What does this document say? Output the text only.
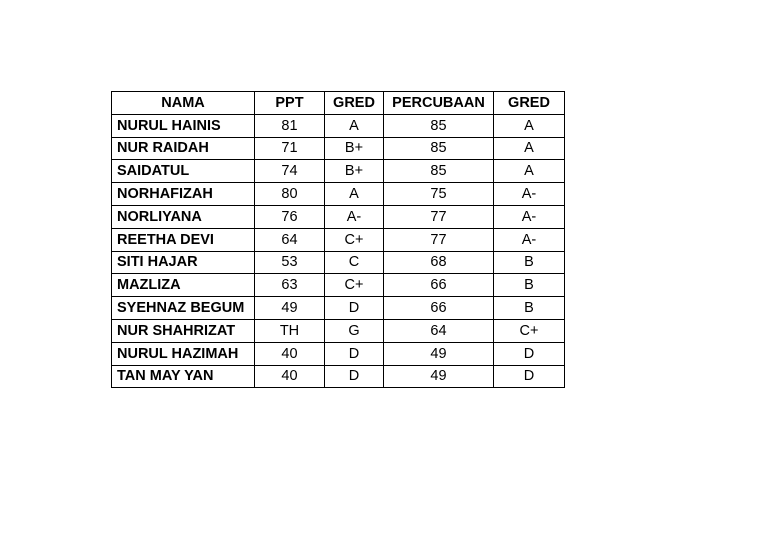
NAMA	PPT	GRED	PERCUBAAN	GRED
NURUL HAINIS	81	A	85	A
NUR RAIDAH	71	B+	85	A
SAIDATUL	74	B+	85	A
NORHAFIZAH	80	A	75	A-
NORLIYANA	76	A-	77	A-
REETHA DEVI	64	C+	77	A-
SITI HAJAR	53	C	68	B
MAZLIZA	63	C+	66	B
SYEHNAZ BEGUM	49	D	66	B
NUR SHAHRIZAT	TH	G	64	C+
NURUL HAZIMAH	40	D	49	D
TAN MAY YAN	40	D	49	D
